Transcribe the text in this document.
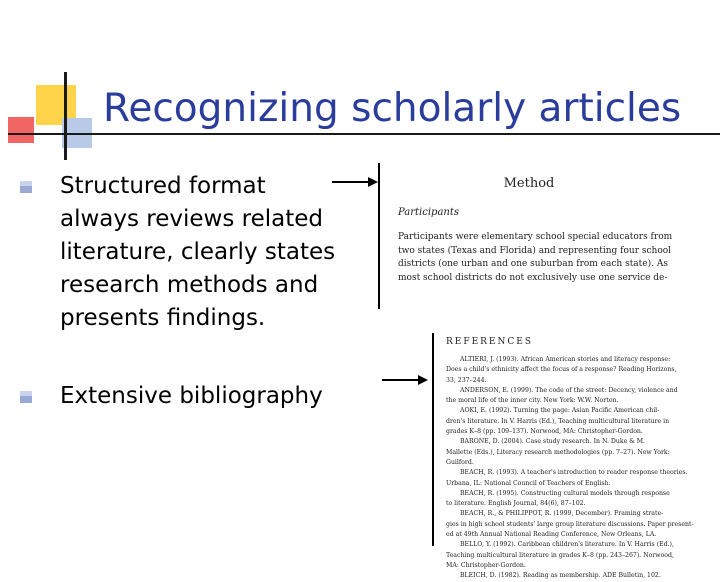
Recognizing scholarly articles
Structured format always reviews related literature, clearly states research methods and presents findings.
Extensive bibliography
Method
Participants
Participants were elementary school special educators from
two states (Texas and Florida) and representing four school
districts (one urban and one suburban from each state). As
most school districts do not exclusively use one service de-
REFERENCES
ALTIERI, J. (1993). African American stories and literacy response:
Does a child's ethnicity affect the focus of a response? Reading Horizons,
33, 237–244.
ANDERSON, E. (1999). The code of the street: Decency, violence and
the moral life of the inner city. New York: W.W. Norton.
AOKI, E. (1992). Turning the page: Asian Pacific American chil-
dren's literature. In V. Harris (Ed.), Teaching multicultural literature in
grades K–8 (pp. 109–137). Norwood, MA: Christopher-Gordon.
BARONE, D. (2004). Case study research. In N. Duke & M.
Mallette (Eds.), Literacy research methodologies (pp. 7–27). New York:
Guilford.
BEACH, R. (1993). A teacher's introduction to reader response theories.
Urbana, IL: National Council of Teachers of English.
BEACH, R. (1995). Constructing cultural models through response
to literature. English Journal, 84(6), 87–102.
BEACH, R., & PHILIPPOT, R. (1999, December). Framing strate-
gies in high school students' large group literature discussions. Paper present-
ed at 49th Annual National Reading Conference, New Orleans, LA.
BELLO, Y. (1992). Caribbean children's literature. In V. Harris (Ed.),
Teaching multicultural literature in grades K–8 (pp. 243–267). Norwood,
MA: Christopher-Gordon.
BLEICH, D. (1982). Reading as membership. ADE Bulletin, 102.
